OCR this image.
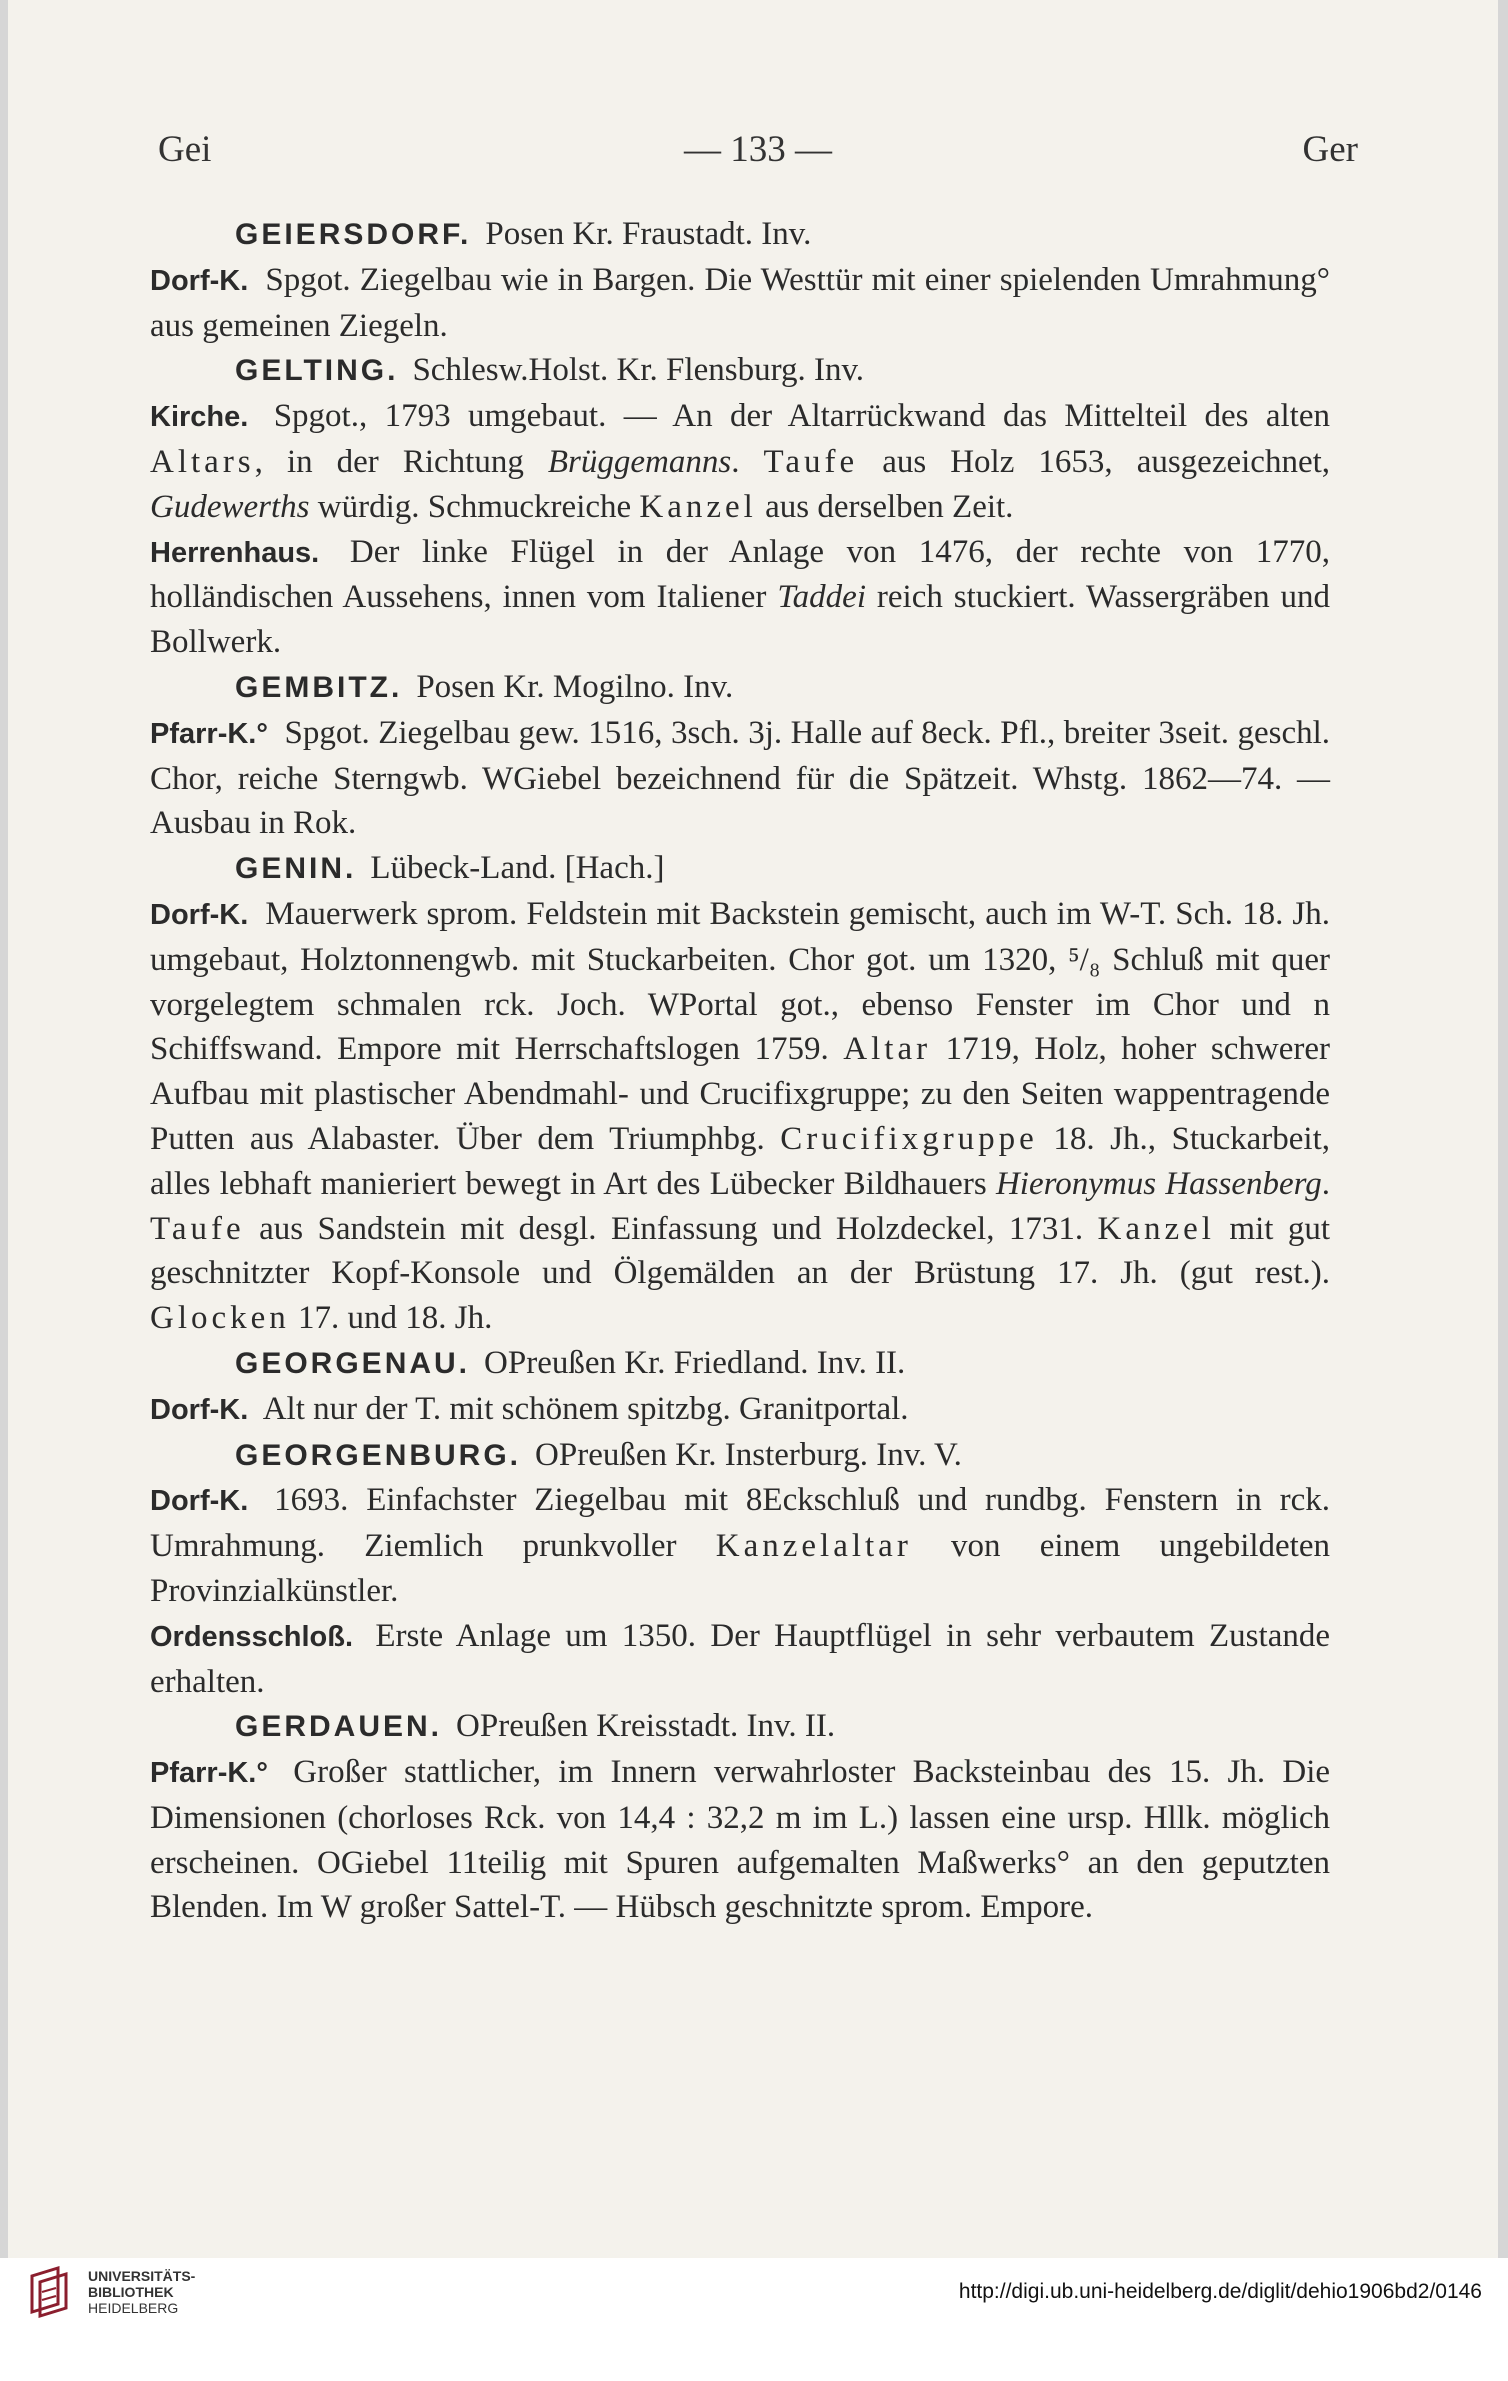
Gei	— 133 —	Ger

GEIERSDORF. Posen Kr. Fraustadt. Inv.

Dorf-K. Spgot. Ziegelbau wie in Bargen. Die Westtür mit einer spielenden Umrahmung° aus gemeinen Ziegeln.

GELTING. Schlesw.Holst. Kr. Flensburg. Inv.

Kirche. Spgot., 1793 umgebaut. — An der Altarrückwand das Mittelteil des alten Altars, in der Richtung Brüggemanns. Taufe aus Holz 1653, ausgezeichnet, Gudewerths würdig. Schmuckreiche Kanzel aus derselben Zeit.

Herrenhaus. Der linke Flügel in der Anlage von 1476, der rechte von 1770, holländischen Aussehens, innen vom Italiener Taddei reich stuckiert. Wassergräben und Bollwerk.

GEMBITZ. Posen Kr. Mogilno. Inv.

Pfarr-K.° Spgot. Ziegelbau gew. 1516, 3sch. 3j. Halle auf 8eck. Pfl., breiter 3seit. geschl. Chor, reiche Sterngwb. WGiebel bezeichnend für die Spätzeit. Whstg. 1862—74. — Ausbau in Rok.

GENIN. Lübeck-Land. [Hach.]

Dorf-K. Mauerwerk sprom. Feldstein mit Backstein gemischt, auch im W-T. Sch. 18. Jh. umgebaut, Holztonnengwb. mit Stuckarbeiten. Chor got. um 1320, ⁵/₈ Schluß mit quer vorgelegtem schmalen rck. Joch. WPortal got., ebenso Fenster im Chor und n Schiffswand. Empore mit Herrschaftslogen 1759. Altar 1719, Holz, hoher schwerer Aufbau mit plastischer Abendmahl- und Crucifixgruppe; zu den Seiten wappentragende Putten aus Alabaster. Über dem Triumphbg. Crucifixgruppe 18. Jh., Stuckarbeit, alles lebhaft manieriert bewegt in Art des Lübecker Bildhauers Hieronymus Hassenberg. Taufe aus Sandstein mit desgl. Einfassung und Holzdeckel, 1731. Kanzel mit gut geschnitzter Kopf-Konsole und Ölgemälden an der Brüstung 17. Jh. (gut rest.). Glocken 17. und 18. Jh.

GEORGENAU. OPreußen Kr. Friedland. Inv. II.

Dorf-K. Alt nur der T. mit schönem spitzbg. Granitportal.

GEORGENBURG. OPreußen Kr. Insterburg. Inv. V.

Dorf-K. 1693. Einfachster Ziegelbau mit 8Eckschluß und rundbg. Fenstern in rck. Umrahmung. Ziemlich prunkvoller Kanzelaltar von einem ungebildeten Provinzialkünstler.

Ordensschloß. Erste Anlage um 1350. Der Hauptflügel in sehr verbautem Zustande erhalten.

GERDAUEN. OPreußen Kreisstadt. Inv. II.

Pfarr-K.° Großer stattlicher, im Innern verwahrloster Backsteinbau des 15. Jh. Die Dimensionen (chorloses Rck. von 14,4 : 32,2 m im L.) lassen eine ursp. Hllk. möglich erscheinen. OGiebel 11teilig mit Spuren aufgemalten Maßwerks° an den geputzten Blenden. Im W großer Sattel-T. — Hübsch geschnitzte sprom. Empore.

UNIVERSITÄTS-
BIBLIOTHEK
HEIDELBERG
http://digi.ub.uni-heidelberg.de/diglit/dehio1906bd2/0146
